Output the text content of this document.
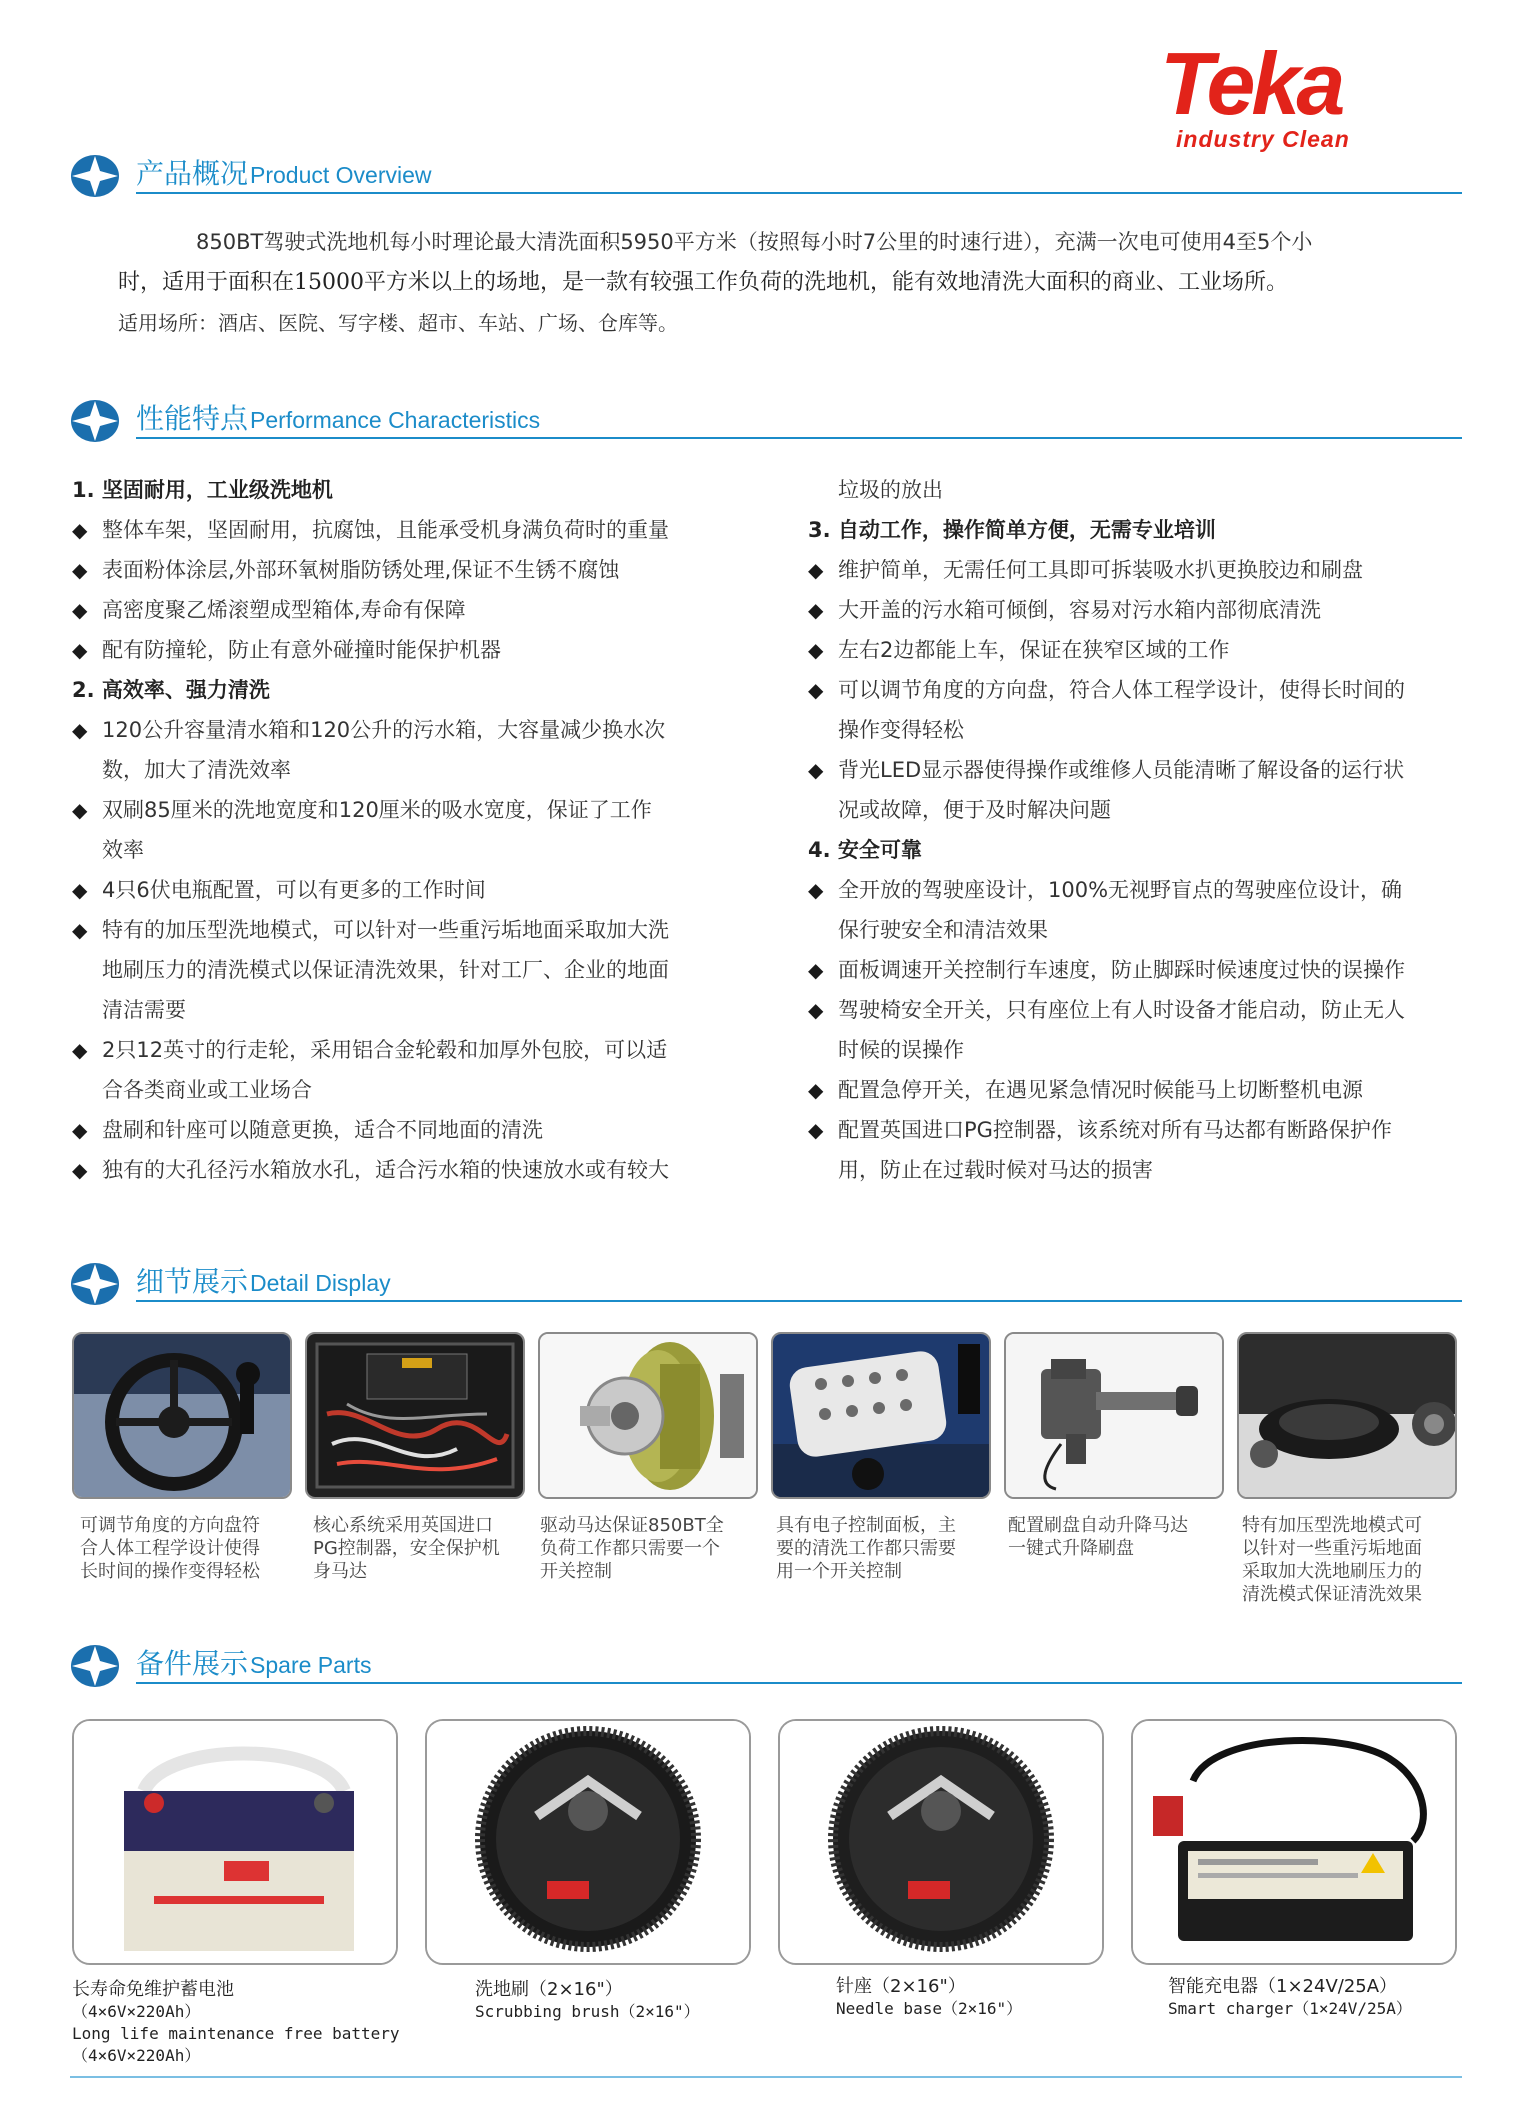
Teka
industry Clean
产品概况Product Overview
850BT驾驶式洗地机每小时理论最大清洗面积5950平方米（按照每小时7公里的时速行进），充满一次电可使用4至5个小
时，适用于面积在15000平方米以上的场地，是一款有较强工作负荷的洗地机，能有效地清洗大面积的商业、工业场所。
适用场所：酒店、医院、写字楼、超市、车站、广场、仓库等。
性能特点Performance Characteristics
1. 坚固耐用，工业级洗地机
◆ 整体车架，坚固耐用，抗腐蚀，且能承受机身满负荷时的重量
◆ 表面粉体涂层,外部环氧树脂防锈处理,保证不生锈不腐蚀
◆ 高密度聚乙烯滚塑成型箱体,寿命有保障
◆ 配有防撞轮，防止有意外碰撞时能保护机器
2. 高效率、强力清洗
◆ 120公升容量清水箱和120公升的污水箱，大容量减少换水次
数，加大了清洗效率
◆ 双刷85厘米的洗地宽度和120厘米的吸水宽度，保证了工作
效率
◆ 4只6伏电瓶配置，可以有更多的工作时间
◆ 特有的加压型洗地模式，可以针对一些重污垢地面采取加大洗
地刷压力的清洗模式以保证清洗效果，针对工厂、企业的地面
清洁需要
◆ 2只12英寸的行走轮，采用铝合金轮毂和加厚外包胶，可以适
合各类商业或工业场合
◆ 盘刷和针座可以随意更换，适合不同地面的清洗
◆ 独有的大孔径污水箱放水孔，适合污水箱的快速放水或有较大
垃圾的放出
3. 自动工作，操作简单方便，无需专业培训
◆ 维护简单，无需任何工具即可拆装吸水扒更换胶边和刷盘
◆ 大开盖的污水箱可倾倒，容易对污水箱内部彻底清洗
◆ 左右2边都能上车，保证在狭窄区域的工作
◆ 可以调节角度的方向盘，符合人体工程学设计，使得长时间的
操作变得轻松
◆ 背光LED显示器使得操作或维修人员能清晰了解设备的运行状
况或故障，便于及时解决问题
4. 安全可靠
◆ 全开放的驾驶座设计，100%无视野盲点的驾驶座位设计，确
保行驶安全和清洁效果
◆ 面板调速开关控制行车速度，防止脚踩时候速度过快的误操作
◆ 驾驶椅安全开关，只有座位上有人时设备才能启动，防止无人
时候的误操作
◆ 配置急停开关，在遇见紧急情况时候能马上切断整机电源
◆ 配置英国进口PG控制器，该系统对所有马达都有断路保护作
用，防止在过载时候对马达的损害
细节展示Detail Display
可调节角度的方向盘符
合人体工程学设计使得
长时间的操作变得轻松
核心系统采用英国进口
PG控制器，安全保护机
身马达
驱动马达保证850BT全
负荷工作都只需要一个
开关控制
具有电子控制面板，主
要的清洗工作都只需要
用一个开关控制
配置刷盘自动升降马达
一键式升降刷盘
特有加压型洗地模式可
以针对一些重污垢地面
采取加大洗地刷压力的
清洗模式保证清洗效果
备件展示Spare Parts
长寿命免维护蓄电池
（4×6V×220Ah）
Long life maintenance free battery
（4×6V×220Ah）
洗地刷（2×16"）
Scrubbing brush（2×16"）
针座（2×16"）
Needle base（2×16"）
智能充电器（1×24V/25A）
Smart charger（1×24V/25A）
